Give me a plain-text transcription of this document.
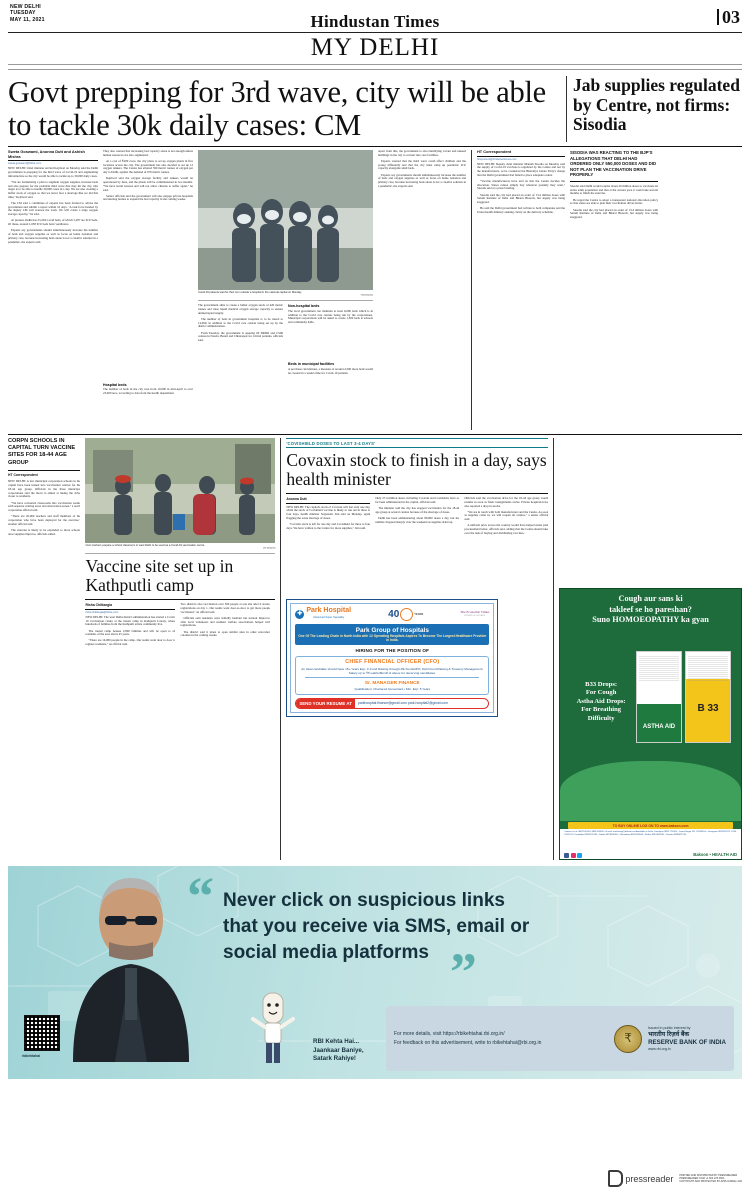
NEW DELHI
TUESDAY
MAY 11, 2021	Hindustan Times	03
MY DELHI
Govt prepping for 3rd wave, city will be able to tackle 30k daily cases: CM
Jab supplies regulated by Centre, not firms: Sisodia
Sweta Goswami, Anonna Dutt and Ashish Mishra
sweta.goswami@htlive.com

NEW DELHI: Chief minister Arvind Kejriwal on Monday said the Delhi government is prepping for the third wave of Covid-19 and augmenting infrastructure so the city would be able to tackle up to 30,000 daily cases.

"We are formulating a plan to augment oxygen supplies, increase beds and also prepare for the probable third wave that may hit the city. Our target is to be able to handle 30,000 cases in a day. We are also creating a buffer stock of oxygen so that we never face a shortage like we did this time," Kejriwal said.

The CM said a committee of experts has been formed to advise the government and submit a report within 10 days. "A task force headed by the deputy CM will oversee the work. We will create a large oxygen storage capacity," he said.

At present, Delhi has 23,204 Covid beds, of which 5,287 are ICU beds. Of these, around 1,638 ICU beds have ventilators.

Experts say governments should simultaneously increase the number of beds and oxygen supplies as well as focus on home isolation and primary care, because increasing beds alone is not a creative solution in a pandemic, the experts said.

They also warned that increasing bed capacity alone is not enough unless human resources are also augmented.

At a cost of ₹200 crore, the city plans to set up oxygen plants in five locations across the city. The government has also decided to set up 12 oxygen tankers. The Centre has allotted 590 metric tonnes of oxygen per day to Delhi, against the demand of 976 metric tonnes.

Kejriwal said the oxygen storage facility and tankers would be operational by June, and the plants will be commissioned in two months. "We have learnt lessons and will not allow citizens to suffer again," he said.

Senior officials said the government will also engage private hospitals and nursing homes to expand the bed capacity in the coming weeks.

Hospital beds

The number of beds in the city rose from 10,000 in mid-April to over 23,000 now, according to data from the health department.

Covid-19 patients wait for their turn outside a hospital in the national capital on Monday.
HT PHOTO

The government aims to create a buffer oxygen stock of 420 metric tonnes and raise liquid medical oxygen storage capacity to ensure uninterrupted supply.

The number of beds in government hospitals is to be raised to 14,000, in addition to the Covid care centres being set up by the district administration.

From Tuesday, the government is opening 60 DRDO and CSIR centres in Narela, Burari and Chhatarpur for critical patients, officials said.

Non-hospital beds

The local government can maintain at least 6,000 beds which is in addition to the Covid care centres being run by the corporations. Municipal corporations will be asked to create 1,500 beds at schools and community halls.

Beds in municipal facilities

A per these calculations, a measure of around 4,500 more beds would be created in a week's time for Covid-19 patients.

Apart from this, the government is also identifying vacant and unused buildings in the city to convert into care facilities.

Experts warned that the third wave could affect children and the young differently and that the city must ramp up paediatric ICU capacity alongside adult beds.

Experts say governments should simultaneously increase the number of beds and oxygen supplies as well as focus on home isolation and primary care, because increasing beds alone is not a creative solution in a pandemic, the experts said.

HT Correspondent
htreporters@hindustantimes.com

NEW DELHI: Deputy chief minister Manish Sisodia on Monday said the supply of Covid-19 vaccines is regulated by the Centre and not by the manufacturers, as he countered the Bharatiya Janata Party's charge that the Delhi government had failed to place adequate orders.

"Vaccine manufacturers have told us that the Centre decides the allocation. States cannot simply buy whatever quantity they want," Sisodia said at a press briefing.

Sisodia said the city had placed an order of 13.4 million doses with Serum Institute of India and Bharat Biotech, but supply was being staggered.

He said the Delhi government had written to both companies and the Union health ministry seeking clarity on the delivery schedule.

SISODIA WAS REACTING TO THE BJP'S ALLEGATIONS THAT DELHI HAD ORDERED ONLY 550,000 DOSES AND DID NOT PLAN THE VACCINATION DRIVE PROPERLY

Sisodia said Delhi would require about 26 million doses to vaccinate its entire adult population and that at the current pace it could take several months to finish the exercise.

He urged the Centre to adopt a transparent national allocation policy so that states are able to plan their vaccination drives better.

Sisodia said the city had placed an order of 13.4 million doses with Serum Institute of India and Bharat Biotech, but supply was being staggered.

CORPN SCHOOLS IN CAPITAL TURN VACCINE SITES FOR 18-44 AGE GROUP
HT Correspondent

NEW DELHI: A few municipal corporation schools in the capital have been turned into vaccination centres for the 18-44 age group. Officials in the three municipal corporations said the move is aimed at taking the drive closer to residents.

"We have converted classrooms into vaccination rooms with separate waiting areas and observation zones," a north corporation official said.

"There are 26,000 teachers and staff members of the corporation who have been deployed for the exercise," another official said.

The exercise is likely to be expanded to more schools once supplies improve, officials added.

Civic workers prepare a school classroom in west Delhi to be used as a Covid-19 vaccination centre.
HT PHOTO
Vaccine site set up in Kathputli camp
Risha Chitlangia
risha.chitlangia@htlive.com

NEW DELHI: The west Delhi district administration has started a Covid-19 vaccination centre at the transit camp in Kathputli Colony, where hundreds of families from the Kathputli artiste community live.

The transit camp houses 2,800 families and will be open to all residents of the area above 45 years.

"There are 16,000 people in the camp. Our teams went door to door to register residents," an official said.

Two districts also vaccination over 500 people at one site after it started registrations on day 1. Our teams went door-to-door to get more people vaccinated," an official said.

Officials said residents were initially hesitant but turnout improved after local volunteers and resident welfare associations helped with registrations.

The district said it plans to open similar sites in other relocation colonies in the coming weeks.

'COVISHIELD DOSES TO LAST 3-4 DAYS'
Covaxin stock to finish in a day, says health minister
Anonna Dutt

NEW DELHI: The capital's stock of Covaxin will last only one day, while the stock of Covishield vaccine is likely to run out in three to four days, health minister Satyendar Jain said on Monday, again flagging the acute shortage of doses.

"Covaxin stock is left for one day and Covishield for three to four days. We have written to the Centre for more supplies," Jain said.

Only 27.4 million doses, including Covaxin and Covishield, have so far been administered in the capital, officials said.

The minister said the city has stopped vaccination for the 18-44 age group at several centres because of the shortage of doses.

Delhi has been administering about 80,000 doses a day, but the number dropped sharply over the weekend as supplies dried up.

Officials said the vaccination drive for the 18-44 age group would resume as soon as fresh consignments arrive. Private hospitals have also reported a drop in stocks.

"We are in touch with both manufacturers and the Centre. As soon as supplies come in, we will reopen all centres," a senior official said.

A uniform price across the country would have helped states plan procurement better, officials said, adding that the Centre should take over the task of buying and distributing vaccines.

✚ Park Hospital
Advanced Super Speciality	40	YEARS	The Economic Times
HOSPITAL AWARDS
Park Group of Hospitals
One Of The Leading Chain in North India with 12 Operating Hospitals Aspires To Become The Largest Healthcare Provider in India.
HIRING FOR THE POSITION OF
CHIEF FINANCIAL OFFICER (CFO)
An ideal candidate should have 15+ Years Exp. in Fund Raising through PE Funds/IPO, Debt Fund Raising & Treasury Management. Salary up to ₹5 Lakhs/Month & above for deserving candidates.
Sr. MANAGER FINANCE
Qualification: Chartered Accountant • Min. Exp: 5 Years
SEND YOUR RESUME AT	parkhospital.finance@gmail.com park.hospital2@gmail.com
Cough aur sans ki
takleef se ho pareshan?
Suno HOMOEOPATHY ka gyan
B33 Drops:
For Cough
Astha Aid Drops:
For Breathing
Difficulty
ASTHA AID
B 33
TO BUY ONLINE LOG ON TO www.bakson.com
Contact us at: 9667100100, 9891103900 • E-mail: marketing@bakson.net Available at Delhi: Janakpuri 9891 274200 • Laxmi Nagar 011 22424614 • Gurugram 9811321122, 0124 2700123 • Faridabad 9953701234 • Noida 9873900050 • Ghaziabad 9810203040 • Rohini 9810902030 • Dwarka 9899011234
Bakson • HEALTH AID
“ Never click on suspicious links
that you receive via SMS, email or
social media platforms ”
RBI Kehta Hai...
Jaankaar Baniye,
Satark Rahiye!
rbikehtahai
For more details, visit https://rbikehtahai.rbi.org.in/
For feedback on this advertisement, write to rbikehtahai@rbi.org.in	₹
Issued in public interest by
भारतीय रिज़र्व बैंक
RESERVE BANK OF INDIA
www.rbi.org.in
pressreader PRINTED AND DISTRIBUTED BY PRESSREADER
PRESSREADER.COM +1 604 278 4604
COPYRIGHT AND PROTECTED BY APPLICABLE LAW
